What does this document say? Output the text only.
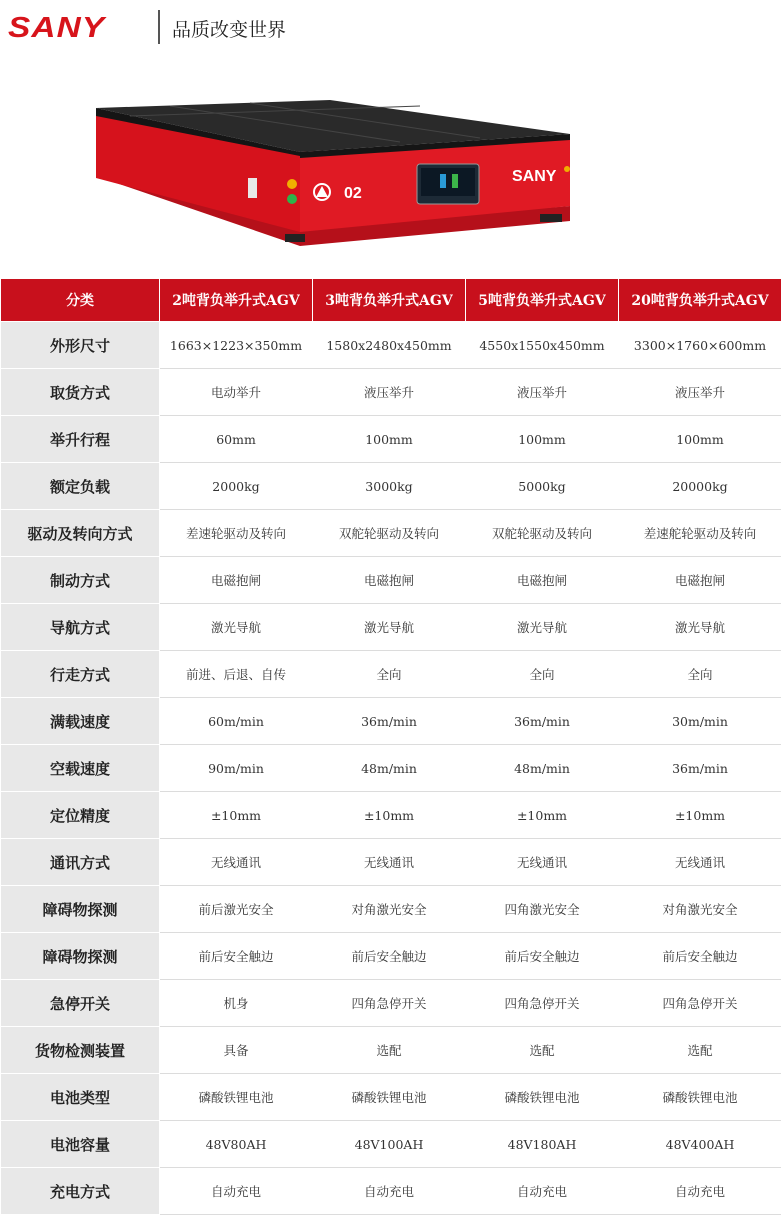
SANY	品质改变世界
02
SANY
分类	2吨背负举升式AGV	3吨背负举升式AGV	5吨背负举升式AGV	20吨背负举升式AGV
外形尺寸	1663×1223×350mm	1580x2480x450mm	4550x1550x450mm	3300×1760×600mm
取货方式	电动举升	液压举升	液压举升	液压举升
举升行程	60mm	100mm	100mm	100mm
额定负载	2000kg	3000kg	5000kg	20000kg
驱动及转向方式	差速轮驱动及转向	双舵轮驱动及转向	双舵轮驱动及转向	差速舵轮驱动及转向
制动方式	电磁抱闸	电磁抱闸	电磁抱闸	电磁抱闸
导航方式	激光导航	激光导航	激光导航	激光导航
行走方式	前进、后退、自传	全向	全向	全向
满载速度	60m/min	36m/min	36m/min	30m/min
空载速度	90m/min	48m/min	48m/min	36m/min
定位精度	±10mm	±10mm	±10mm	±10mm
通讯方式	无线通讯	无线通讯	无线通讯	无线通讯
障碍物探测	前后激光安全	对角激光安全	四角激光安全	对角激光安全
障碍物探测	前后安全触边	前后安全触边	前后安全触边	前后安全触边
急停开关	机身	四角急停开关	四角急停开关	四角急停开关
货物检测装置	具备	选配	选配	选配
电池类型	磷酸铁锂电池	磷酸铁锂电池	磷酸铁锂电池	磷酸铁锂电池
电池容量	48V80AH	48V100AH	48V180AH	48V400AH
充电方式	自动充电	自动充电	自动充电	自动充电
